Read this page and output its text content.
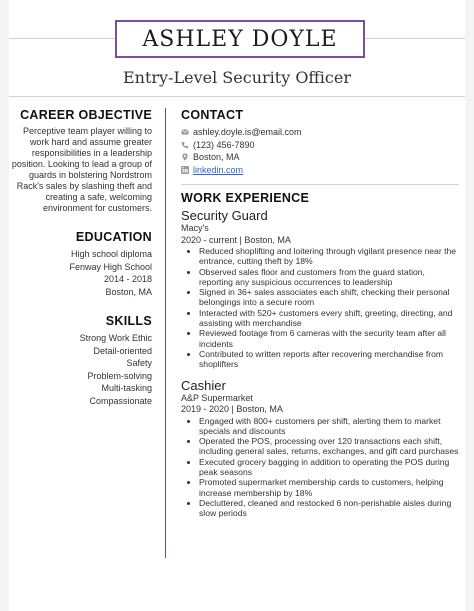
ASHLEY DOYLE
Entry-Level Security Officer
CAREER OBJECTIVE

Perceptive team player willing to work hard and assume greater responsibilities in a leadership position. Looking to lead a group of guards in bolstering Nordstrom Rack's sales by slashing theft and creating a safe, welcoming environment for customers.

EDUCATION
High school diploma
Fenway High School
2014 - 2018
Boston, MA
SKILLS
Strong Work Ethic
Detail-oriented
Safety
Problem-solving
Multi-tasking
Compassionate
CONTACT
ashley.doyle.is@email.com
(123) 456-7890
Boston, MA
linkedin.com
WORK EXPERIENCE
Security Guard
Macy's
2020 - current | Boston, MA
• Reduced shoplifting and loitering through vigilant presence near the entrance, cutting theft by 18%
• Observed sales floor and customers from the guard station, reporting any suspicious occurrences to leadership
• Signed in 36+ sales associates each shift, checking their personal belongings into a secure room
• Interacted with 520+ customers every shift, greeting, directing, and assisting with merchandise
• Reviewed footage from 6 cameras with the security team after all incidents
• Contributed to written reports after recovering merchandise from shoplifters
Cashier
A&P Supermarket
2019 - 2020 | Boston, MA
• Engaged with 800+ customers per shift, alerting them to market specials and discounts
• Operated the POS, processing over 120 transactions each shift, including general sales, returns, exchanges, and gift card purchases
• Executed grocery bagging in addition to operating the POS during peak seasons
• Promoted supermarket membership cards to customers, helping increase membership by 18%
• Decluttered, cleaned and restocked 6 non-perishable aisles during slow periods
